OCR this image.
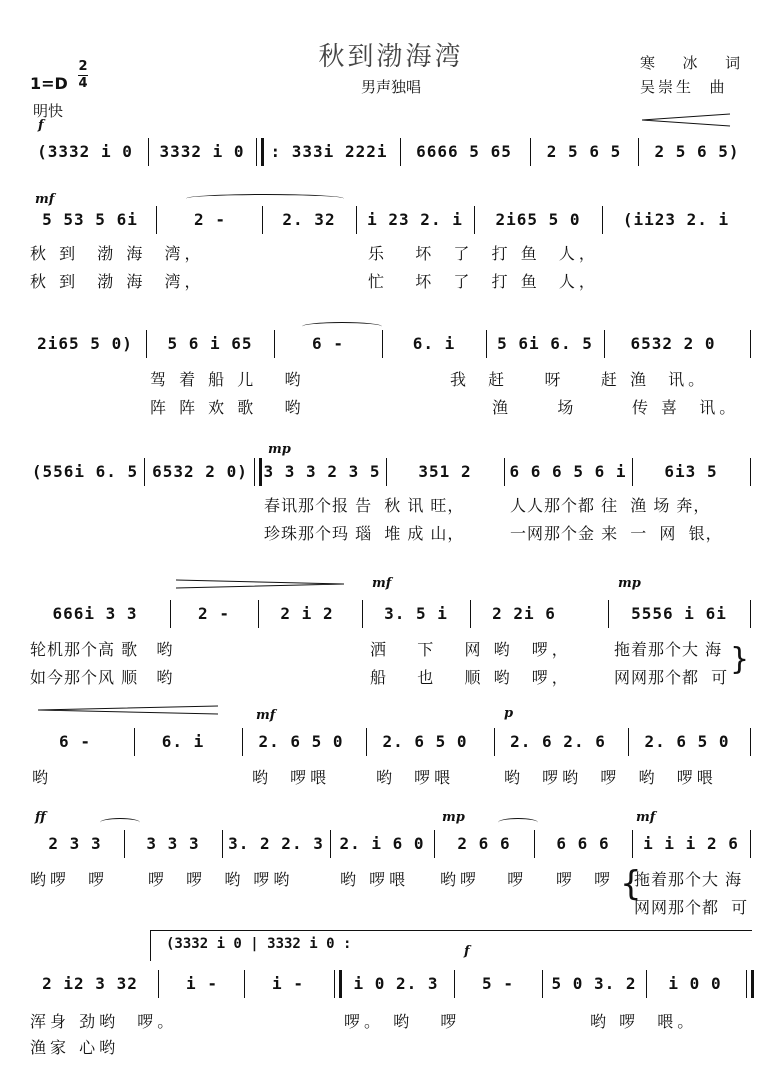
秋到渤海湾
男声独唱
寒  冰  词
吴崇生  曲
1=D
2
4
明快
f
(3332 i 0	3332 i 0	: 333i 222i	6666 5 65	2 5 6 5	2 5 6 5)
mf
5 53 5 6i	2 -	2. 32	i 23 2. i	2i65 5 0	(ii23 2. i
秋 到  渤 海  湾，	乐   坏  了  打 鱼  人，
秋 到  渤 海  湾，	忙   坏  了  打 鱼  人，
2i65 5 0)	5 6 i 65	6 -	6. i	5 6i 6. 5	6532 2 0
驾 着 船 儿   哟	我  赶    呀    赶 渔  讯。
阵 阵 欢 歌   哟	渔     场      传 喜  讯。
mp
(556i 6. 5 6532 2 0) 3 3 3 2 3 5	351 2	6 6 6 5 6 i	6i3 5
春讯那个报 告  秋 讯 旺，	人人那个都 往  渔 场 奔，
珍珠那个玛 瑙  堆 成 山，	一网那个金 来  一  网  银，
mf	mp
666i 3 3	2 -	2 i 2	3. 5 i	2 2i 6	5556 i 6i
轮机那个高 歌   哟	洒   下   网 哟  啰，	拖着那个大 海
如今那个风 顺   哟	船   也   顺 哟  啰，	网网那个都  可
}
mf	p
6 -	6. i	2. 6 5 0	2. 6 5 0	2. 6 2. 6	2. 6 5 0
哟	哟  啰喂	哟  啰喂	哟  啰哟  啰  哟  啰喂
ff	mp	mf
2 3 3	3 3 3	3. 2 2. 3 2. i 6 0	2 6 6	6 6 6	i i i 2 6
哟啰  啰 啰  啰  哟 啰哟	哟 啰喂 哟啰   啰 啰  啰 拖着那个大 海
{
网网那个都  可
(3332 i 0 | 3332 i 0 :	f
2 i2 3 32	i -	i -	i 0 2. 3	5 -	5 0 3. 2	i 0 0
浑身 劲哟  啰。	啰。 哟   啰	哟 啰  喂。
渔家 心哟
